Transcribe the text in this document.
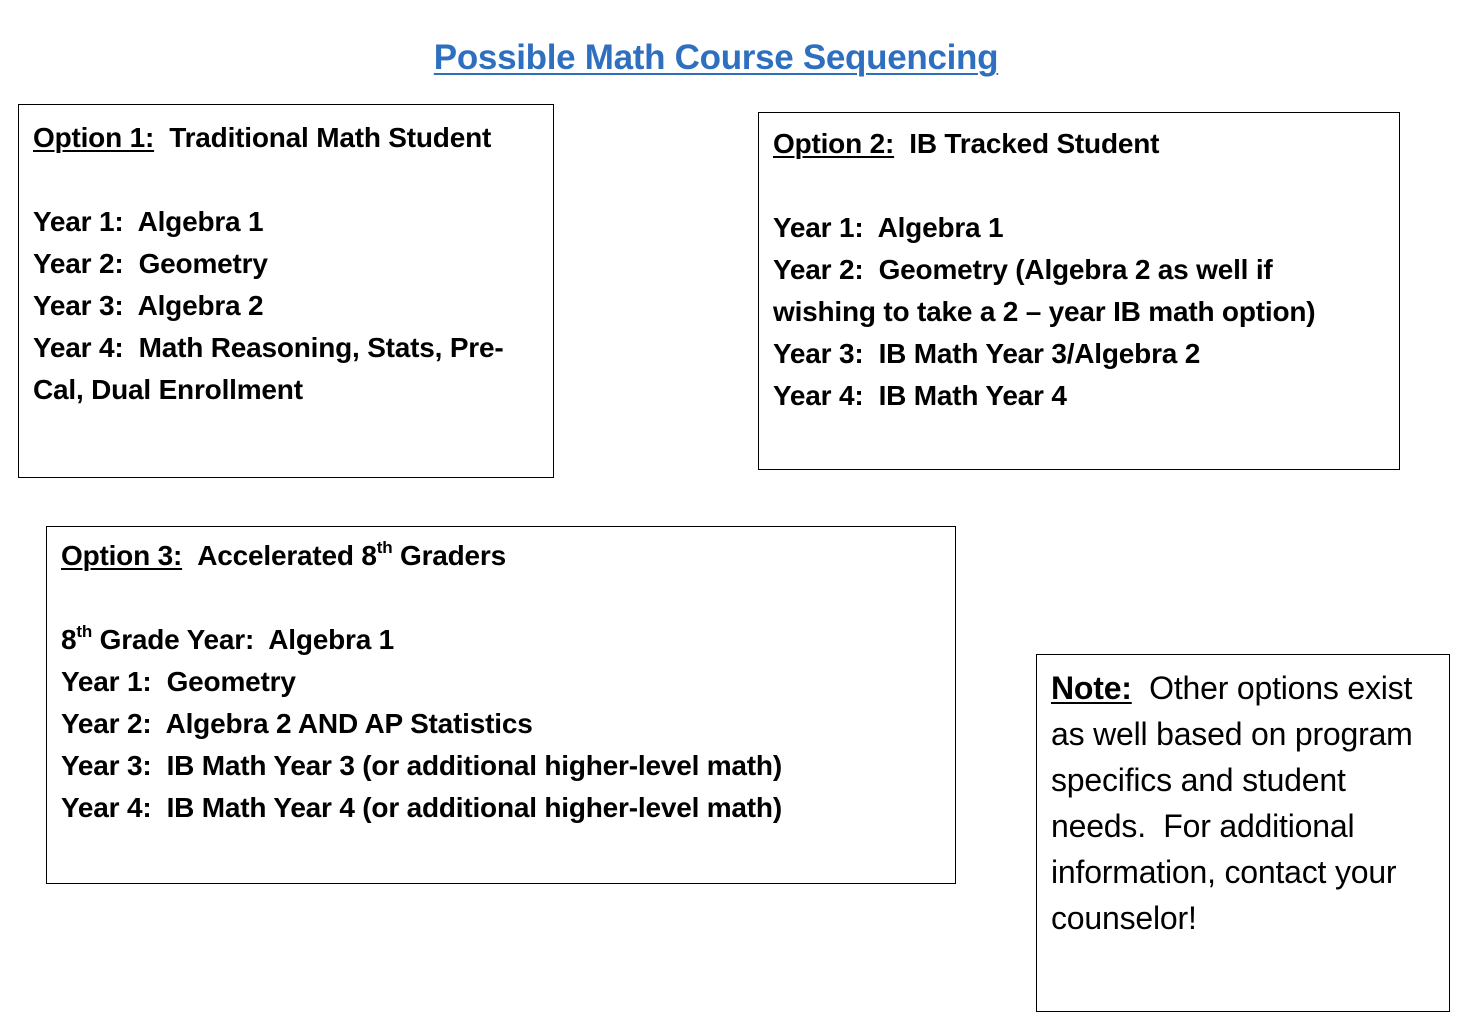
Possible Math Course Sequencing
Option 1: Traditional Math Student
Year 1:  Algebra 1
Year 2:  Geometry
Year 3:  Algebra 2
Year 4:  Math Reasoning, Stats, Pre-
Cal, Dual Enrollment
Option 2: IB Tracked Student
Year 1:  Algebra 1
Year 2:  Geometry (Algebra 2 as well if
wishing to take a 2 – year IB math option)
Year 3:  IB Math Year 3/Algebra 2
Year 4:  IB Math Year 4
Option 3: Accelerated 8th Graders
8th Grade Year:  Algebra 1
Year 1:  Geometry
Year 2:  Algebra 2 AND AP Statistics
Year 3:  IB Math Year 3 (or additional higher-level math)
Year 4:  IB Math Year 4 (or additional higher-level math)
Note:  Other options exist as well based on program specifics and student needs.  For additional information, contact your counselor!
